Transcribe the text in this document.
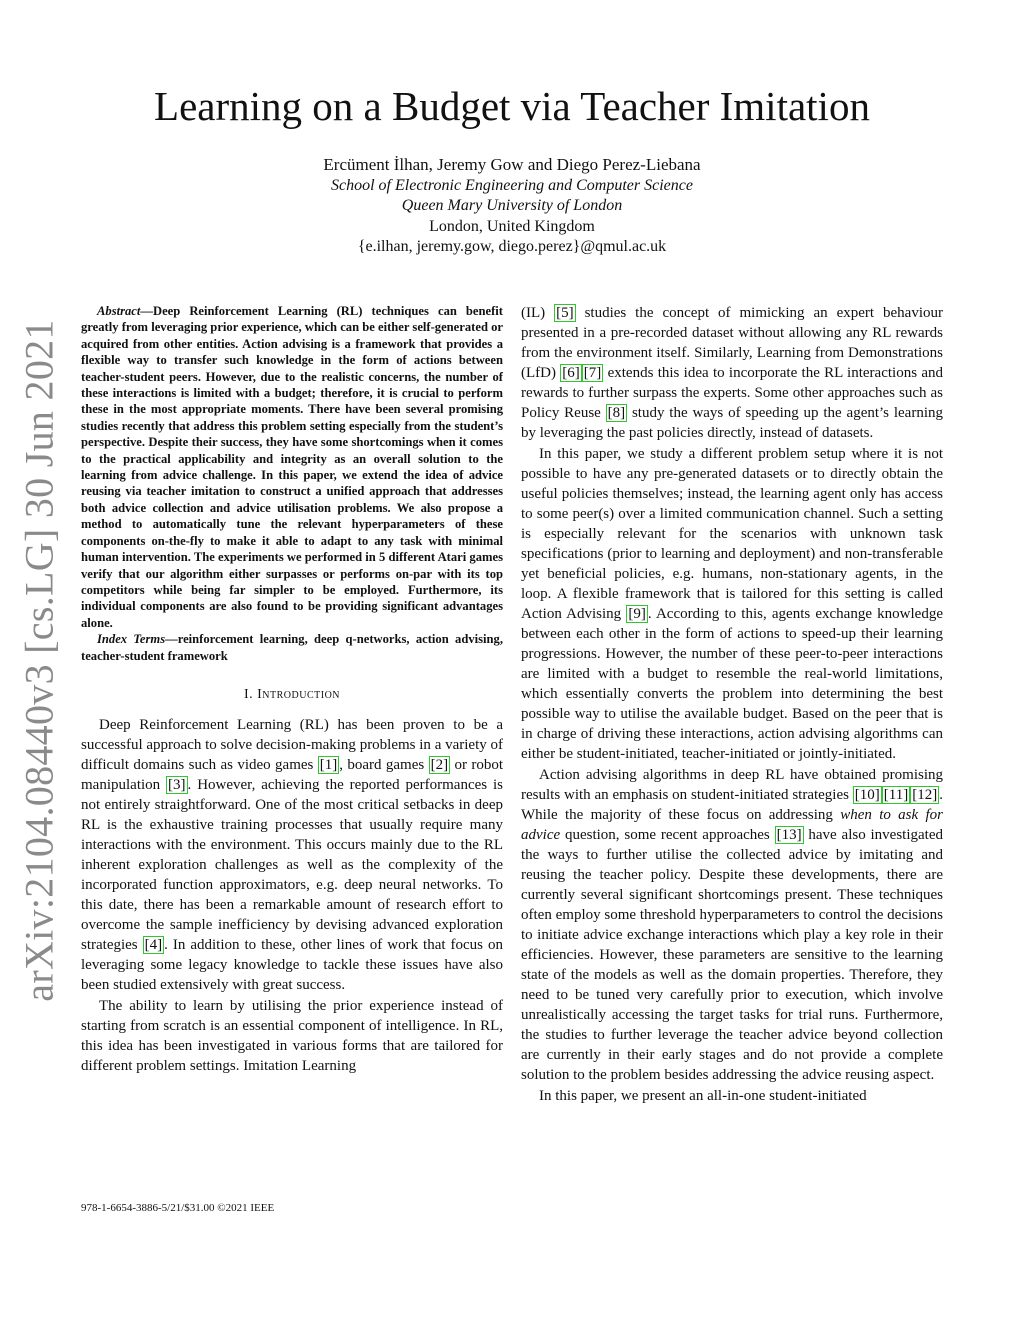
arXiv:2104.08440v3 [cs.LG] 30 Jun 2021
Learning on a Budget via Teacher Imitation
Ercüment İlhan, Jeremy Gow and Diego Perez-Liebana
School of Electronic Engineering and Computer Science
Queen Mary University of London
London, United Kingdom
{e.ilhan, jeremy.gow, diego.perez}@qmul.ac.uk

Abstract—Deep Reinforcement Learning (RL) techniques can benefit greatly from leveraging prior experience, which can be either self-generated or acquired from other entities. Action advising is a framework that provides a flexible way to transfer such knowledge in the form of actions between teacher-student peers. However, due to the realistic concerns, the number of these interactions is limited with a budget; therefore, it is crucial to perform these in the most appropriate moments. There have been several promising studies recently that address this problem setting especially from the student’s perspective. Despite their success, they have some shortcomings when it comes to the practical applicability and integrity as an overall solution to the learning from advice challenge. In this paper, we extend the idea of advice reusing via teacher imitation to construct a unified approach that addresses both advice collection and advice utilisation problems. We also propose a method to automatically tune the relevant hyperparameters of these components on-the-fly to make it able to adapt to any task with minimal human intervention. The experiments we performed in 5 different Atari games verify that our algorithm either surpasses or performs on-par with its top competitors while being far simpler to be employed. Furthermore, its individual components are also found to be providing significant advantages alone.

Index Terms—reinforcement learning, deep q-networks, action advising, teacher-student framework

I. Introduction

Deep Reinforcement Learning (RL) has been proven to be a successful approach to solve decision-making problems in a variety of difficult domains such as video games [1] , board games [2] or robot manipulation [3] . However, achieving the reported performances is not entirely straightforward. One of the most critical setbacks in deep RL is the exhaustive training processes that usually require many interactions with the environment. This occurs mainly due to the RL inherent exploration challenges as well as the complexity of the incorporated function approximators, e.g. deep neural networks. To this date, there has been a remarkable amount of research effort to overcome the sample inefficiency by devising advanced exploration strategies [4] . In addition to these, other lines of work that focus on leveraging some legacy knowledge to tackle these issues have also been studied extensively with great success.

The ability to learn by utilising the prior experience instead of starting from scratch is an essential component of intelligence. In RL, this idea has been investigated in various forms that are tailored for different problem settings. Imitation Learning

(IL) [5] studies the concept of mimicking an expert behaviour presented in a pre-recorded dataset without allowing any RL rewards from the environment itself. Similarly, Learning from Demonstrations (LfD) [6] [7] extends this idea to incorporate the RL interactions and rewards to further surpass the experts. Some other approaches such as Policy Reuse [8] study the ways of speeding up the agent’s learning by leveraging the past policies directly, instead of datasets.

In this paper, we study a different problem setup where it is not possible to have any pre-generated datasets or to directly obtain the useful policies themselves; instead, the learning agent only has access to some peer(s) over a limited communication channel. Such a setting is especially relevant for the scenarios with unknown task specifications (prior to learning and deployment) and non-transferable yet beneficial policies, e.g. humans, non-stationary agents, in the loop. A flexible framework that is tailored for this setting is called Action Advising [9] . According to this, agents exchange knowledge between each other in the form of actions to speed-up their learning progressions. However, the number of these peer-to-peer interactions are limited with a budget to resemble the real-world limitations, which essentially converts the problem into determining the best possible way to utilise the available budget. Based on the peer that is in charge of driving these interactions, action advising algorithms can either be student-initiated, teacher-initiated or jointly-initiated.

Action advising algorithms in deep RL have obtained promising results with an emphasis on student-initiated strategies [10] [11] [12] . While the majority of these focus on addressing when to ask for advice question, some recent approaches [13] have also investigated the ways to further utilise the collected advice by imitating and reusing the teacher policy. Despite these developments, there are currently several significant shortcomings present. These techniques often employ some threshold hyperparameters to control the decisions to initiate advice exchange interactions which play a key role in their efficiencies. However, these parameters are sensitive to the learning state of the models as well as the domain properties. Therefore, they need to be tuned very carefully prior to execution, which involve unrealistically accessing the target tasks for trial runs. Furthermore, the studies to further leverage the teacher advice beyond collection are currently in their early stages and do not provide a complete solution to the problem besides addressing the advice reusing aspect.

In this paper, we present an all-in-one student-initiated

978-1-6654-3886-5/21/$31.00 ©2021 IEEE
